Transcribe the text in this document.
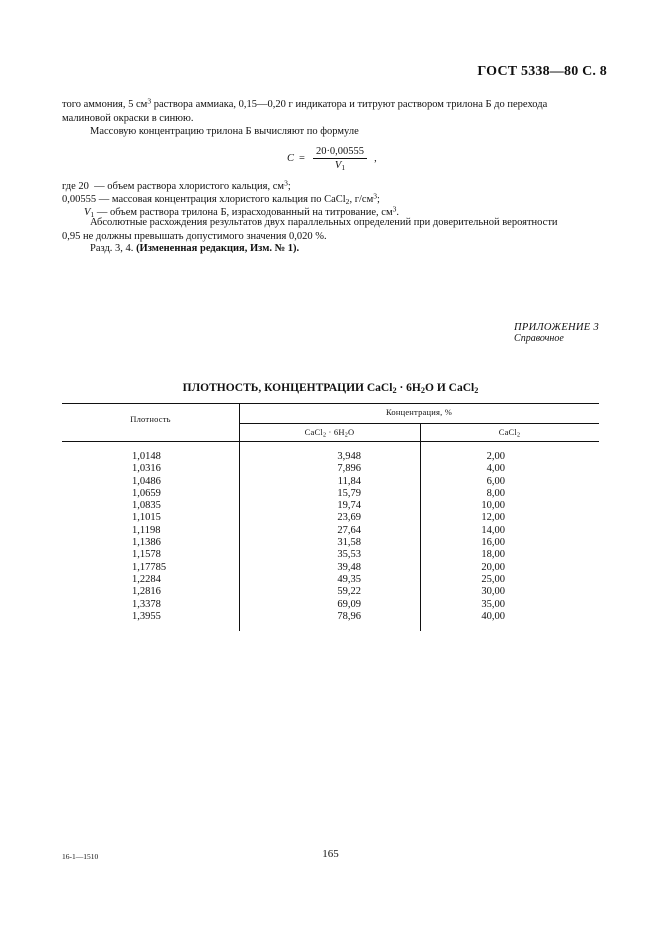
ГОСТ 5338—80 С. 8
того аммония, 5 $см^3$ раствора аммиака, 0,15—0,20 г индикатора и титруют раствором трилона Б до перехода
малиновой окраски в синюю.
Массовую концентрацию трилона Б вычисляют по формуле
$C = \frac{20\cdot 0,00555}{V_1}$ ,
где 20 — объем раствора хлористого кальция, $см^3$;
0,00555 — массовая концентрация хлористого кальция по CaCl$_2$, $г/см^3$;
$V_1$ — объем раствора трилона Б, израсходованный на титрование, $см^3$.
Абсолютные расхождения результатов двух параллельных определений при доверительной вероятности
0,95 не должны превышать допустимого значения 0,020 %.
Разд. 3, 4. (Измененная редакция, Изм. № 1).
ПРИЛОЖЕНИЕ 3
Справочное
ПЛОТНОСТЬ, КОНЦЕНТРАЦИИ CaCl$_2$ · $6H_2O$ И CaCl$_2$
Плотность
Концентрация, %
CaCl$_2$ · $6H_2O$	CaCl$_2$
1,0148
1,0316
1,0486
1,0659
1,0835
1,1015
1,1198
1,1386
1,1578
1,17785
1,2284
1,2816
1,3378
1,3955
3,948
7,896
11,84
15,79
19,74
23,69
27,64
31,58
35,53
39,48
49,35
59,22
69,09
78,96
2,00
4,00
6,00
8,00
10,00
12,00
14,00
16,00
18,00
20,00
25,00
30,00
35,00
40,00
16-1—1510	165
